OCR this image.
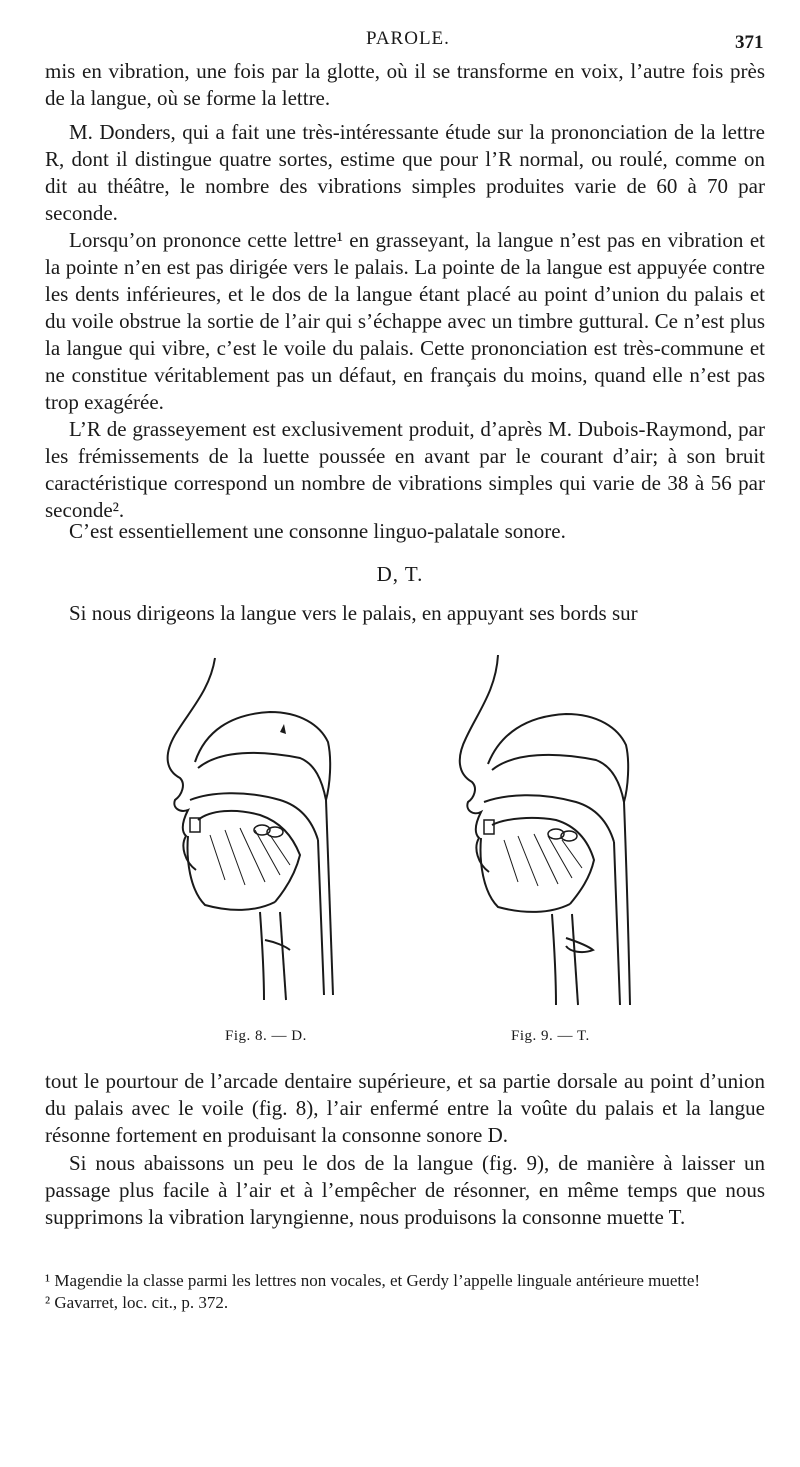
PAROLE.	371

mis en vibration, une fois par la glotte, où il se transforme en voix, l’autre fois près de la langue, où se forme la lettre.

M. Donders, qui a fait une très-intéressante étude sur la prononciation de la lettre R, dont il distingue quatre sortes, estime que pour l’R normal, ou roulé, comme on dit au théâtre, le nombre des vibrations simples produites varie de 60 à 70 par seconde.

Lorsqu’on prononce cette lettre¹ en grasseyant, la langue n’est pas en vibration et la pointe n’en est pas dirigée vers le palais. La pointe de la langue est appuyée contre les dents inférieures, et le dos de la langue étant placé au point d’union du palais et du voile obstrue la sortie de l’air qui s’échappe avec un timbre guttural. Ce n’est plus la langue qui vibre, c’est le voile du palais. Cette prononciation est très-commune et ne constitue véritablement pas un défaut, en français du moins, quand elle n’est pas trop exagérée.

L’R de grasseyement est exclusivement produit, d’après M. Dubois-Raymond, par les frémissements de la luette poussée en avant par le courant d’air; à son bruit caractéristique correspond un nombre de vibrations simples qui varie de 38 à 56 par seconde².

C’est essentiellement une consonne linguo-palatale sonore.

D, T.

Si nous dirigeons la langue vers le palais, en appuyant ses bords sur

Fig. 8. — D.	Fig. 9. — T.

tout le pourtour de l’arcade dentaire supérieure, et sa partie dorsale au point d’union du palais avec le voile (fig. 8), l’air enfermé entre la voûte du palais et la langue résonne fortement en produisant la consonne sonore D.

Si nous abaissons un peu le dos de la langue (fig. 9), de manière à laisser un passage plus facile à l’air et à l’empêcher de résonner, en même temps que nous supprimons la vibration laryngienne, nous produisons la consonne muette T.

¹ Magendie la classe parmi les lettres non vocales, et Gerdy l’appelle linguale antérieure muette!

² Gavarret, loc. cit., p. 372.
